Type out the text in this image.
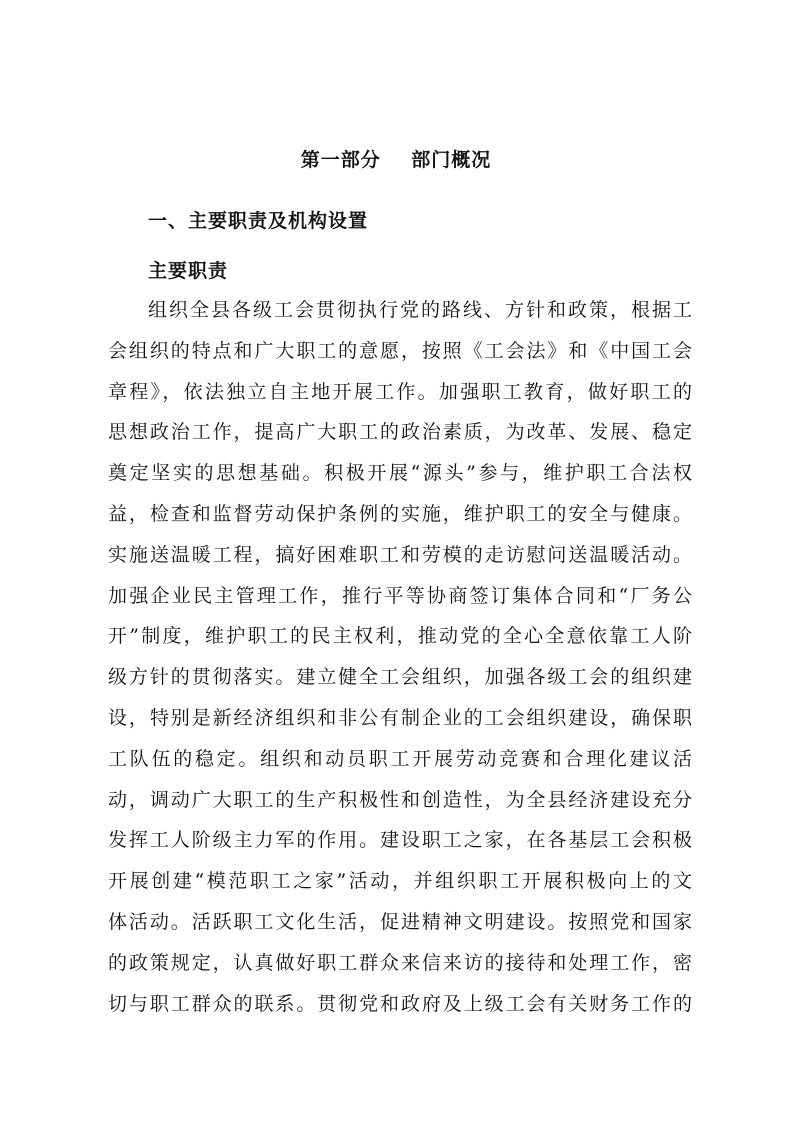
第一部分    部门概况
一、主要职责及机构设置
主要职责
组织全县各级工会贯彻执行党的路线、方针和政策，根据工
会组织的特点和广大职工的意愿，按照《工会法》和《中国工会
章程》，依法独立自主地开展工作。加强职工教育，做好职工的
思想政治工作，提高广大职工的政治素质，为改革、发展、稳定
奠定坚实的思想基础。积极开展“源头”参与，维护职工合法权
益，检查和监督劳动保护条例的实施，维护职工的安全与健康。
实施送温暖工程，搞好困难职工和劳模的走访慰问送温暖活动。
加强企业民主管理工作，推行平等协商签订集体合同和“厂务公
开”制度，维护职工的民主权利，推动党的全心全意依靠工人阶
级方针的贯彻落实。建立健全工会组织，加强各级工会的组织建
设，特别是新经济组织和非公有制企业的工会组织建设，确保职
工队伍的稳定。组织和动员职工开展劳动竞赛和合理化建议活
动，调动广大职工的生产积极性和创造性，为全县经济建设充分
发挥工人阶级主力军的作用。建设职工之家，在各基层工会积极
开展创建“模范职工之家”活动，并组织职工开展积极向上的文
体活动。活跃职工文化生活，促进精神文明建设。按照党和国家
的政策规定，认真做好职工群众来信来访的接待和处理工作，密
切与职工群众的联系。贯彻党和政府及上级工会有关财务工作的
